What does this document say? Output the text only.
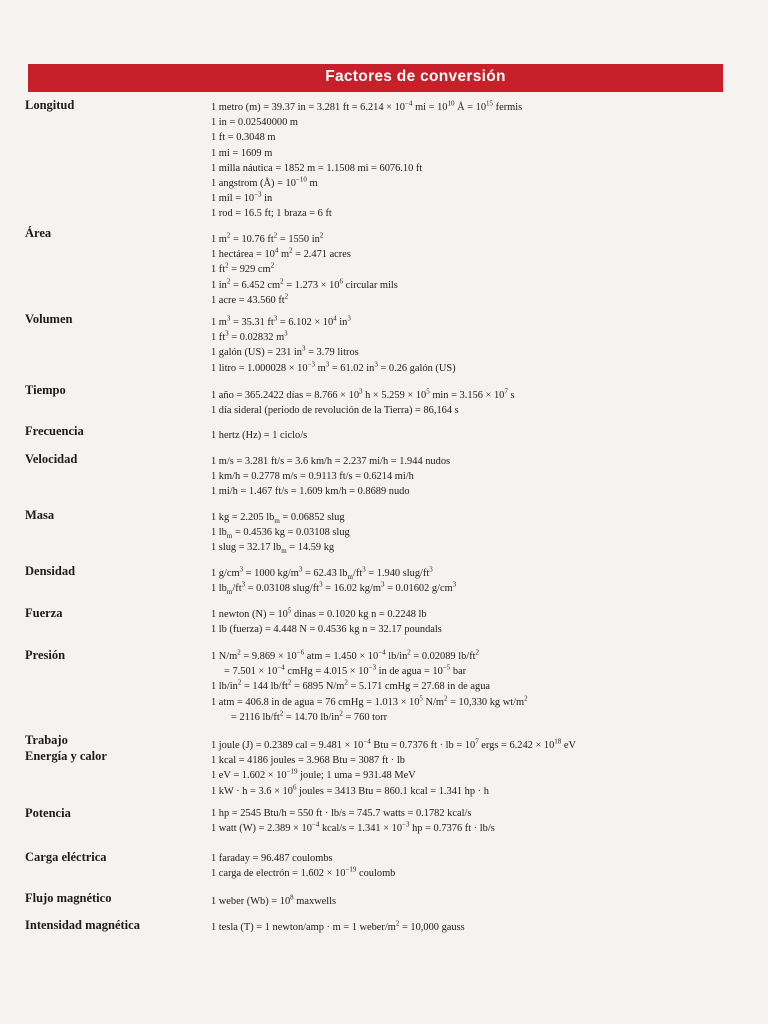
Factores de conversión
Longitud	1 metro (m) = 39.37 in = 3.281 ft = $6.214 \times 10^{-4}$ mi = $10^{10}$ Å = $10^{15}$ fermis
1 in = 0.02540000 m
1 ft = 0.3048 m
1 mi = 1609 m
1 milla náutica = 1852 m = 1.1508 mi = 6076.10 ft
1 angstrom (Å) = $10^{-10}$ m
1 mil = $10^{-3}$ in
1 rod = 16.5 ft; 1 braza = 6 ft
Área	1 $m^2 = 10.76$ $ft^2 = 1550$ $in^2$
1 hectárea = $10^4$ $m^2 = 2.471$ acres
1 $ft^2 = 929$ $cm^2$
1 $in^2 = 6.452$ $cm^2 = 1.273 \times 10^6$ circular mils
1 acre = 43.560 $ft^2$
Volumen	1 $m^3 = 35.31$ $ft^3 = 6.102 \times 10^4$ $in^3$
1 $ft^3 = 0.02832$ $m^3$
1 galón (US) = 231 $in^3 = 3.79$ litros
1 litro = $1.000028 \times 10^{-3}$ $m^3 = 61.02$ $in^3 = 0.26$ galón (US)
Tiempo	1 año = 365.2422 días = $8.766 \times 10^3$ $h \times 5.259 \times 10^5$ $\min = 3.156 \times 10^7$ s
1 día sideral (periodo de revolución de la Tierra) = 86,164 s
Frecuencia	1 hertz (Hz) = 1 ciclo/s
Velocidad	1 m/s = 3.281 ft/s = 3.6 km/h = 2.237 mi/h = 1.944 nudos
1 km/h = 0.2778 m/s = 0.9113 ft/s = 0.6214 mi/h
1 mi/h = 1.467 ft/s = 1.609 km/h = 0.8689 nudo
Masa	1 kg = 2.205 $lb_m = 0.06852$ slug
1 $lb_m = 0.4536$ kg = 0.03108 slug
1 slug = 32.17 $lb_m = 14.59$ kg
Densidad	1 $g/cm^3 = 1000$ $kg/m^3 = 62.43$ $lb_m/ft^3 = 1.940$ slug/$ft^3$
1 $lb_m/ft^3 = 0.03108$ slug/$ft^3 = 16.02$ $kg/m^3 = 0.01602$ $g/cm^3$
Fuerza	1 newton $(N) = 10^5$ dinas = 0.1020 kg n = 0.2248 lb
1 lb (fuerza) = 4.448 N = 0.4536 kg n = 32.17 poundals
Presión	1 $N/m^2 = 9.869 \times 10^{-6}$ atm = $1.450 \times 10^{-4}$ $lb/in^2 = 0.02089$ $lb/ft^2$
= $7.501 \times 10^{-4}$ cmHg = $4.015 \times 10^{-3}$ in de agua = $10^{-5}$ bar
1 $lb/in^2 = 144$ $lb/ft^2 = 6895$ $N/m^2 = 5.171$ cmHg = 27.68 in de agua
1 atm = 406.8 in de agua = 76 cmHg = $1.013 \times 10^5$ $N/m^2 = 10,330$ kg $wt/m^2$
= 2116 $lb/ft^2 = 14.70$ $lb/in^2 = 760$ torr
Trabajo
Energía y calor
1 joule (J) = 0.2389 cal = $9.481 \times 10^{-4}$ Btu = 0.7376 ft · lb = $10^7$ ergs = $6.242 \times 10^{18}$ eV
1 kcal = 4186 joules = 3.968 Btu = 3087 ft · lb
1 eV = $1.602 \times 10^{-19}$ joule; 1 uma = 931.48 MeV
1 kW · $h = 3.6 \times 10^6$ joules = 3413 Btu = 860.1 kcal = 1.341 hp · h
Potencia	1 hp = 2545 Btu/h = 550 ft · lb/s = 745.7 watts = 0.1782 kcal/s
1 watt $(W) = 2.389 \times 10^{-4}$ kcal/s = $1.341 \times 10^{-3}$ hp = 0.7376 ft · lb/s
Carga eléctrica	1 faraday = 96.487 coulombs
1 carga de electrón = $1.602 \times 10^{-19}$ coulomb
Flujo magnético	1 weber $(Wb) = 10^8$ maxwells
Intensidad magnética	1 tesla (T) = 1 newton/amp · m = 1 weber/$m^2 = 10,000$ gauss
